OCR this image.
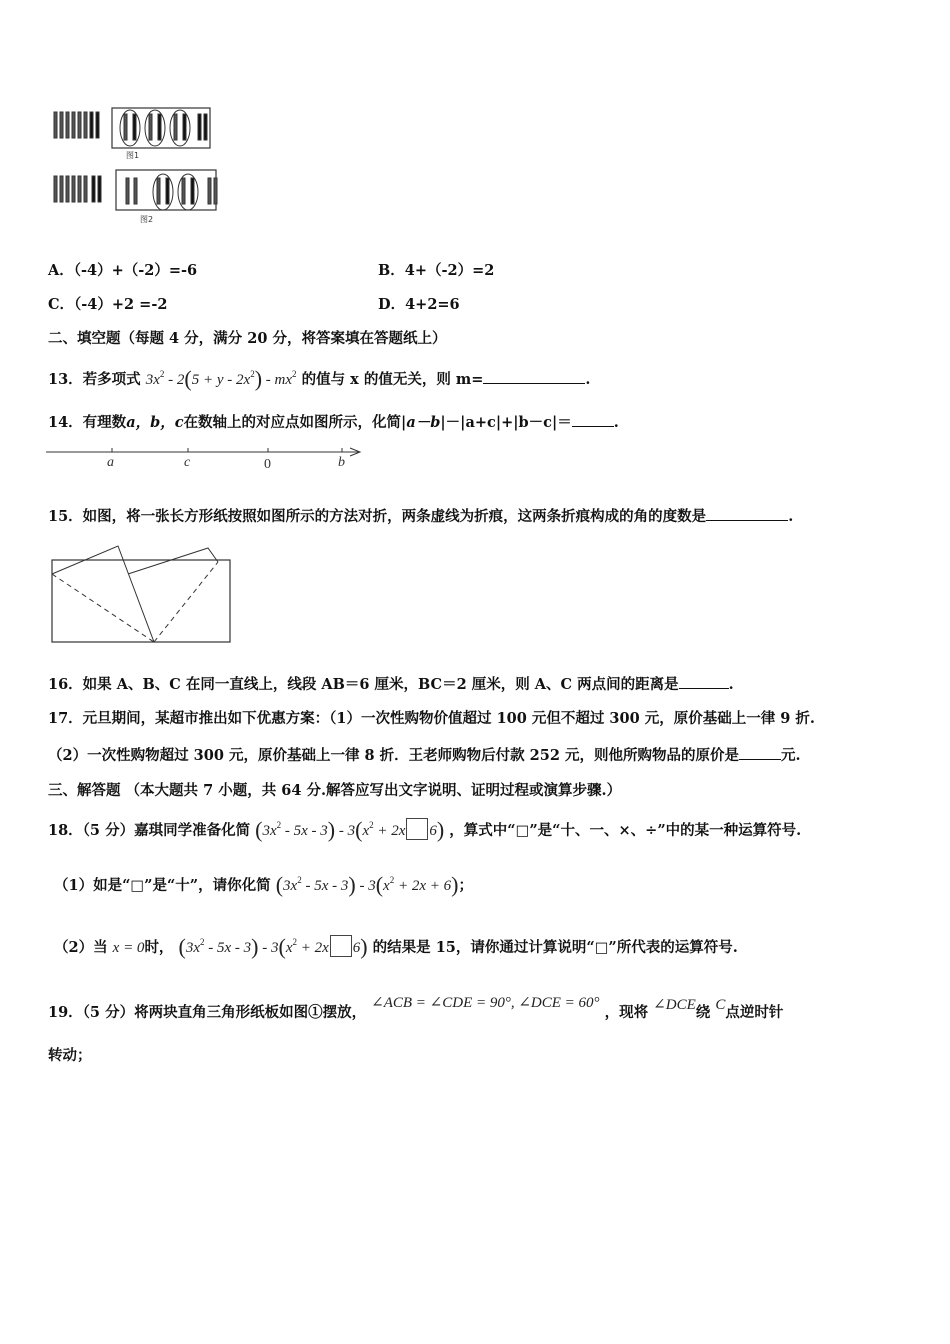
图1
图2
A．（-4）+（-2）=-6	B．4+（-2）=2
C．（-4）+2 =-2	D．4+2=6
二、填空题（每题 4 分，满分 20 分，将答案填在答题纸上）
13．若多项式 $3x^2 - 2(5 + y - 2x^2) - mx^2$ 的值与 x 的值无关，则 m=	.
14．有理数a，b，c在数轴上的对应点如图所示，化简|a－b|－|a+c|+|b－c|＝	.
a	c	0	b
15．如图，将一张长方形纸按照如图所示的方法对折，两条虚线为折痕，这两条折痕构成的角的度数是	.
16．如果 A、B、C 在同一直线上，线段 AB＝6 厘米，BC＝2 厘米，则 A、C 两点间的距离是	.
17．元旦期间，某超市推出如下优惠方案：（1）一次性购物价值超过 100 元但不超过 300 元，原价基础上一律 9 折.
（2）一次性购物超过 300 元，原价基础上一律 8 折．王老师购物后付款 252 元，则他所购物品的原价是	元.
三、解答题 （本大题共 7 小题，共 64 分.解答应写出文字说明、证明过程或演算步骤.）
18．（5 分）嘉琪同学准备化简 $(3x^2 - 5x - 3) - 3(x^2 + 2x$ 6) ，算式中“□”是“十、一、×、÷”中的某一种运算符号.
（1）如是“□”是“十”，请你化简 $(3x^2 - 5x - 3) - 3(x^2 + 2x + 6)$；
（2）当 x = 0时， $(3x^2 - 5x - 3) - 3(x^2 + 2x$ 6) 的结果是 15，请你通过计算说明“□”所代表的运算符号.
19．（5 分）将两块直角三角形纸板如图①摆放， ∠ACB = ∠CDE = 90°, ∠DCE = 60° ，现将 ∠DCE绕 C点逆时针
转动；
